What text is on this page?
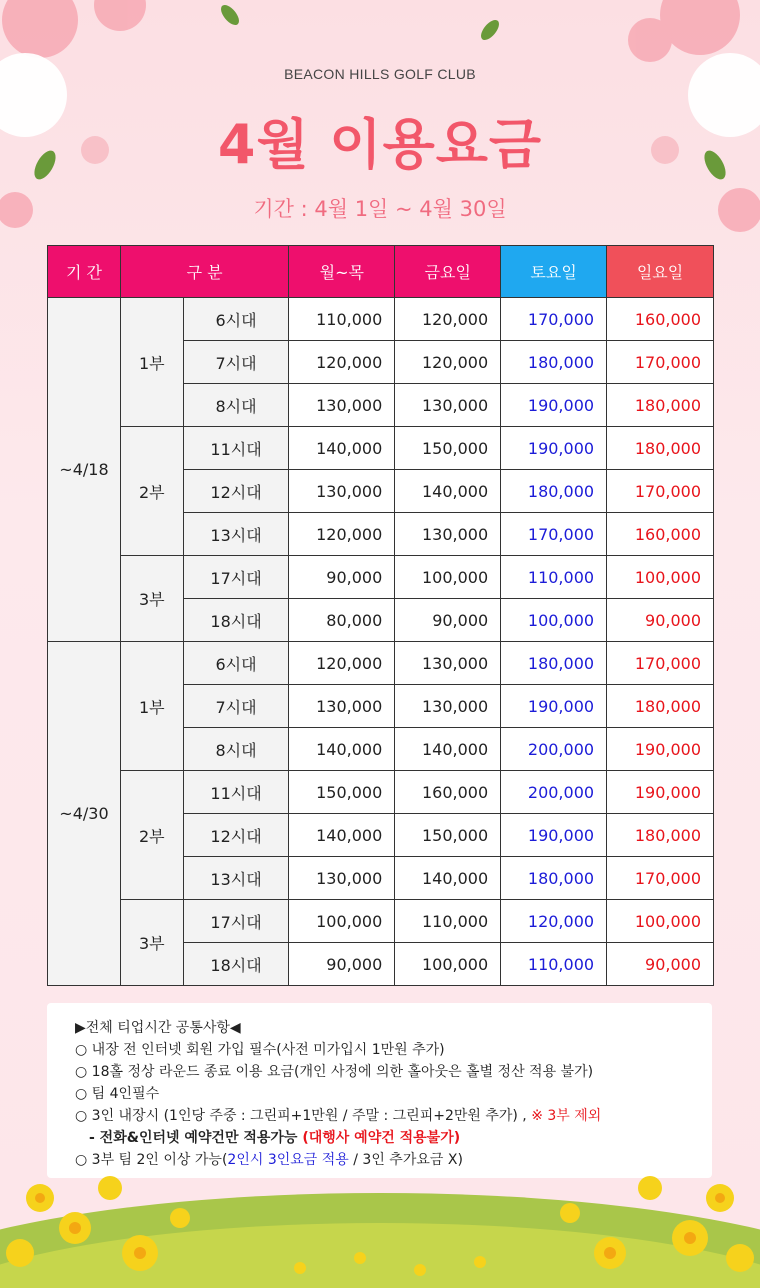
BEACON HILLS GOLF CLUB
4월 이용요금
기간 : 4월 1일 ~ 4월 30일
기 간	구 분		월~목	금요일	토요일	일요일
~4/18	1부	6시대	110,000	120,000	170,000	160,000
		7시대	120,000	120,000	180,000	170,000
		8시대	130,000	130,000	190,000	180,000
	2부	11시대	140,000	150,000	190,000	180,000
		12시대	130,000	140,000	180,000	170,000
		13시대	120,000	130,000	170,000	160,000
	3부	17시대	90,000	100,000	110,000	100,000
		18시대	80,000	90,000	100,000	90,000
~4/30	1부	6시대	120,000	130,000	180,000	170,000
		7시대	130,000	130,000	190,000	180,000
		8시대	140,000	140,000	200,000	190,000
	2부	11시대	150,000	160,000	200,000	190,000
		12시대	140,000	150,000	190,000	180,000
		13시대	130,000	140,000	180,000	170,000
	3부	17시대	100,000	110,000	120,000	100,000
		18시대	90,000	100,000	110,000	90,000

▶전체 티업시간 공통사항◀

○ 내장 전 인터넷 회원 가입 필수(사전 미가입시 1만원 추가)

○ 18홀 정상 라운드 종료 이용 요금(개인 사정에 의한 홀아웃은 홀별 정산 적용 불가)

○ 팀 4인필수

○ 3인 내장시 (1인당 주중 : 그린피+1만원 / 주말 : 그린피+2만원 추가) , ※ 3부 제외

- 전화&인터넷 예약건만 적용가능 (대행사 예약건 적용불가)

○ 3부 팀 2인 이상 가능(2인시 3인요금 적용 / 3인 추가요금 X)
